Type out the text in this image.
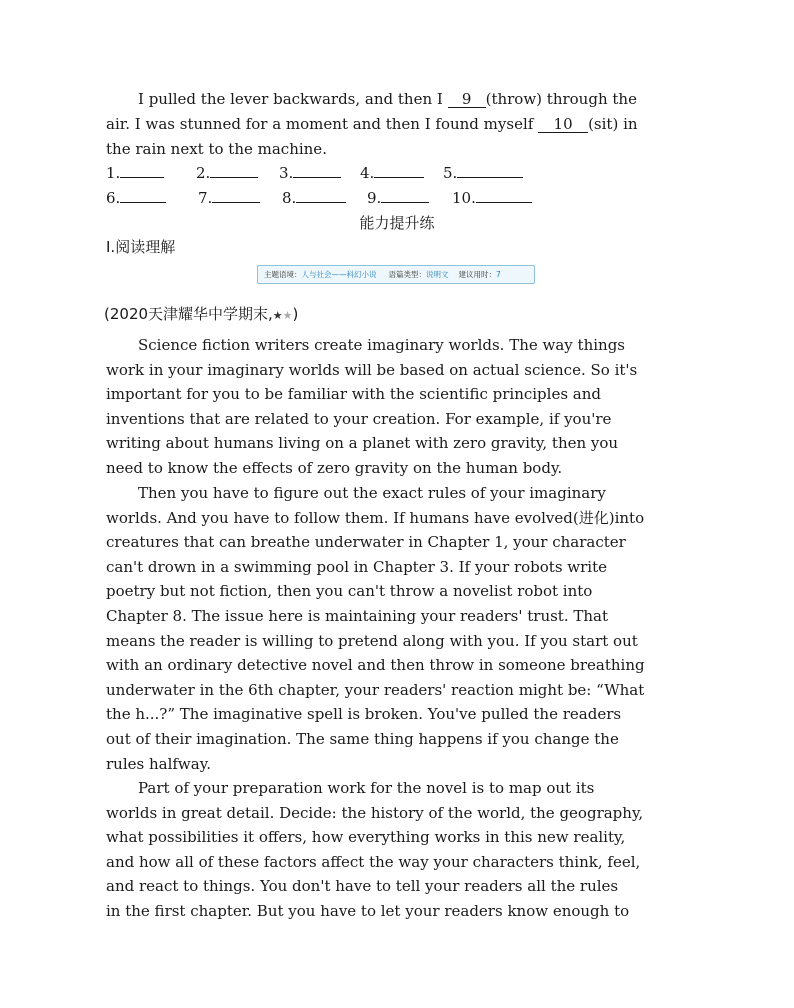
I pulled the lever backwards, and then I 9 (throw) through the
air. I was stunned for a moment and then I found myself 10 (sit) in
the rain next to the machine.
1.	2.	3.	4.	5.
6.	7.	8.	9.	10.
能力提升练
Ⅰ.阅读理解
主题语境：人与社会——科幻小说 语篇类型：说明文 建议用时：7
(2020天津耀华中学期末,★★)
Science fiction writers create imaginary worlds. The way things
work in your imaginary worlds will be based on actual science. So it's
important for you to be familiar with the scientific principles and
inventions that are related to your creation. For example, if you're
writing about humans living on a planet with zero gravity, then you
need to know the effects of zero gravity on the human body.
Then you have to figure out the exact rules of your imaginary
worlds. And you have to follow them. If humans have evolved(进化)into
creatures that can breathe underwater in Chapter 1, your character
can't drown in a swimming pool in Chapter 3. If your robots write
poetry but not fiction, then you can't throw a novelist robot into
Chapter 8. The issue here is maintaining your readers' trust. That
means the reader is willing to pretend along with you. If you start out
with an ordinary detective novel and then throw in someone breathing
underwater in the 6th chapter, your readers' reaction might be: “What
the h...?” The imaginative spell is broken. You've pulled the readers
out of their imagination. The same thing happens if you change the
rules halfway.
Part of your preparation work for the novel is to map out its
worlds in great detail. Decide: the history of the world, the geography,
what possibilities it offers, how everything works in this new reality,
and how all of these factors affect the way your characters think, feel,
and react to things. You don't have to tell your readers all the rules
in the first chapter. But you have to let your readers know enough to
